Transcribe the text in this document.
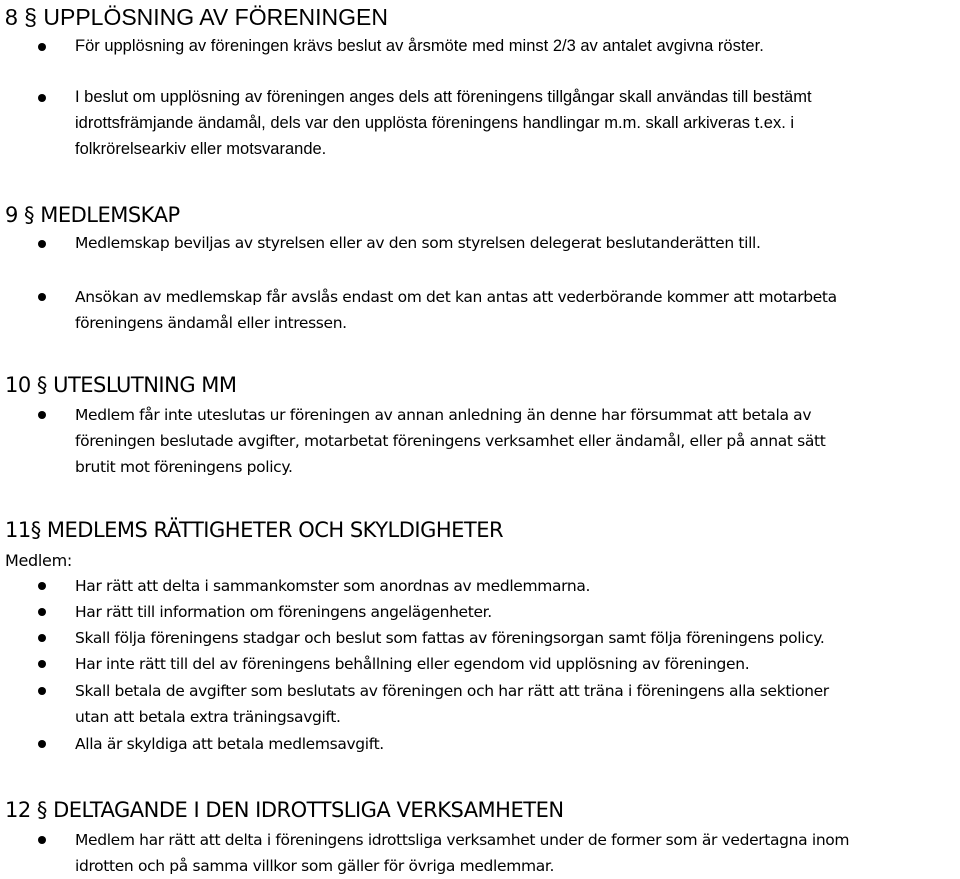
8 § UPPLÖSNING AV FÖRENINGEN
För upplösning av föreningen krävs beslut av årsmöte med minst 2/3 av antalet avgivna röster.
I beslut om upplösning av föreningen anges dels att föreningens tillgångar skall användas till bestämt
idrottsfrämjande ändamål, dels var den upplösta föreningens handlingar m.m. skall arkiveras t.ex. i
folkrörelsearkiv eller motsvarande.
9 § MEDLEMSKAP
Medlemskap beviljas av styrelsen eller av den som styrelsen delegerat beslutanderätten till.
Ansökan av medlemskap får avslås endast om det kan antas att vederbörande kommer att motarbeta
föreningens ändamål eller intressen.
10 § UTESLUTNING MM
Medlem får inte uteslutas ur föreningen av annan anledning än denne har försummat att betala av
föreningen beslutade avgifter, motarbetat föreningens verksamhet eller ändamål, eller på annat sätt
brutit mot föreningens policy.
11§ MEDLEMS RÄTTIGHETER OCH SKYLDIGHETER
Medlem:
Har rätt att delta i sammankomster som anordnas av medlemmarna.
Har rätt till information om föreningens angelägenheter.
Skall följa föreningens stadgar och beslut som fattas av föreningsorgan samt följa föreningens policy.
Har inte rätt till del av föreningens behållning eller egendom vid upplösning av föreningen.
Skall betala de avgifter som beslutats av föreningen och har rätt att träna i föreningens alla sektioner
utan att betala extra träningsavgift.
Alla är skyldiga att betala medlemsavgift.
12 § DELTAGANDE I DEN IDROTTSLIGA VERKSAMHETEN
Medlem har rätt att delta i föreningens idrottsliga verksamhet under de former som är vedertagna inom
idrotten och på samma villkor som gäller för övriga medlemmar.
